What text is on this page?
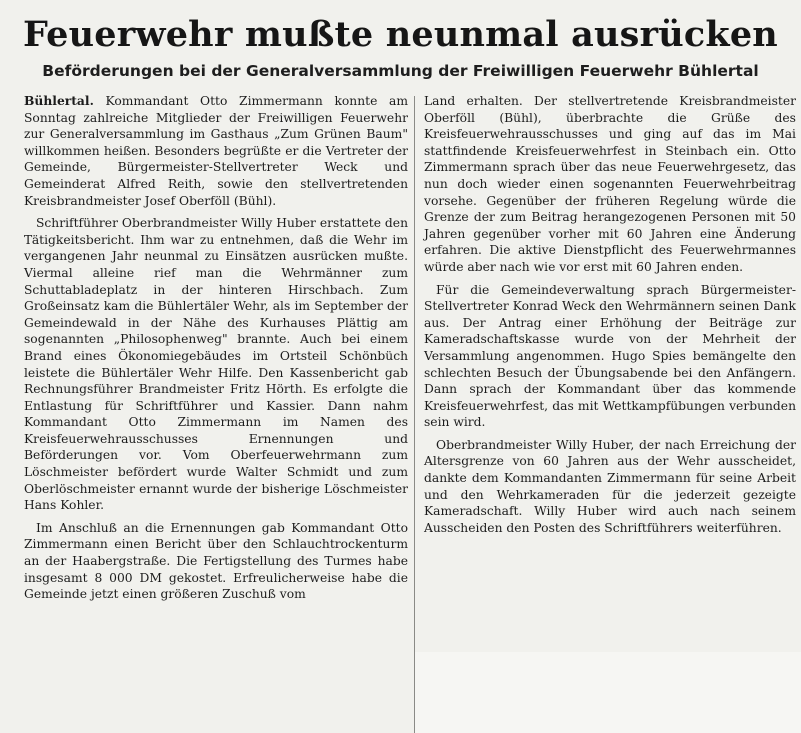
Feuerwehr mußte neunmal ausrücken
Beförderungen bei der Generalversammlung der Freiwilligen Feuerwehr Bühlertal

Bühlertal. Kommandant Otto Zimmermann konnte am Sonntag zahlreiche Mitglieder der Freiwilligen Feuerwehr zur Generalversammlung im Gasthaus „Zum Grünen Baum" willkommen heißen. Besonders begrüßte er die Vertreter der Gemeinde, Bürgermeister-Stellvertreter Weck und Gemeinderat Alfred Reith, sowie den stellvertretenden Kreisbrandmeister Josef Oberföll (Bühl).

Schriftführer Oberbrandmeister Willy Huber erstattete den Tätigkeitsbericht. Ihm war zu entnehmen, daß die Wehr im vergangenen Jahr neunmal zu Einsätzen ausrücken mußte. Viermal alleine rief man die Wehrmänner zum Schuttabladeplatz in der hinteren Hirschbach. Zum Großeinsatz kam die Bühlertäler Wehr, als im September der Gemeindewald in der Nähe des Kurhauses Plättig am sogenannten „Philosophenweg" brannte. Auch bei einem Brand eines Ökonomiegebäudes im Ortsteil Schönbüch leistete die Bühlertäler Wehr Hilfe. Den Kassenbericht gab Rechnungsführer Brandmeister Fritz Hörth. Es erfolgte die Entlastung für Schriftführer und Kassier. Dann nahm Kommandant Otto Zimmermann im Namen des Kreisfeuerwehrausschusses Ernennungen und Beförderungen vor. Vom Oberfeuerwehrmann zum Löschmeister befördert wurde Walter Schmidt und zum Oberlöschmeister ernannt wurde der bisherige Löschmeister Hans Kohler.

Im Anschluß an die Ernennungen gab Kommandant Otto Zimmermann einen Bericht über den Schlauchtrockenturm an der Haabergstraße. Die Fertigstellung des Turmes habe insgesamt 8 000 DM gekostet. Erfreulicherweise habe die Gemeinde jetzt einen größeren Zuschuß vom

Land erhalten. Der stellvertretende Kreisbrandmeister Oberföll (Bühl), überbrachte die Grüße des Kreisfeuerwehrausschusses und ging auf das im Mai stattfindende Kreisfeuerwehrfest in Steinbach ein. Otto Zimmermann sprach über das neue Feuerwehrgesetz, das nun doch wieder einen sogenannten Feuerwehrbeitrag vorsehe. Gegenüber der früheren Regelung würde die Grenze der zum Beitrag herangezogenen Personen mit 50 Jahren gegenüber vorher mit 60 Jahren eine Änderung erfahren. Die aktive Dienstpflicht des Feuerwehrmannes würde aber nach wie vor erst mit 60 Jahren enden.

Für die Gemeindeverwaltung sprach Bürgermeister-Stellvertreter Konrad Weck den Wehrmännern seinen Dank aus. Der Antrag einer Erhöhung der Beiträge zur Kameradschaftskasse wurde von der Mehrheit der Versammlung angenommen. Hugo Spies bemängelte den schlechten Besuch der Übungsabende bei den Anfängern. Dann sprach der Kommandant über das kommende Kreisfeuerwehrfest, das mit Wettkampfübungen verbunden sein wird.

Oberbrandmeister Willy Huber, der nach Erreichung der Altersgrenze von 60 Jahren aus der Wehr ausscheidet, dankte dem Kommandanten Zimmermann für seine Arbeit und den Wehrkameraden für die jederzeit gezeigte Kameradschaft. Willy Huber wird auch nach seinem Ausscheiden den Posten des Schriftführers weiterführen.
